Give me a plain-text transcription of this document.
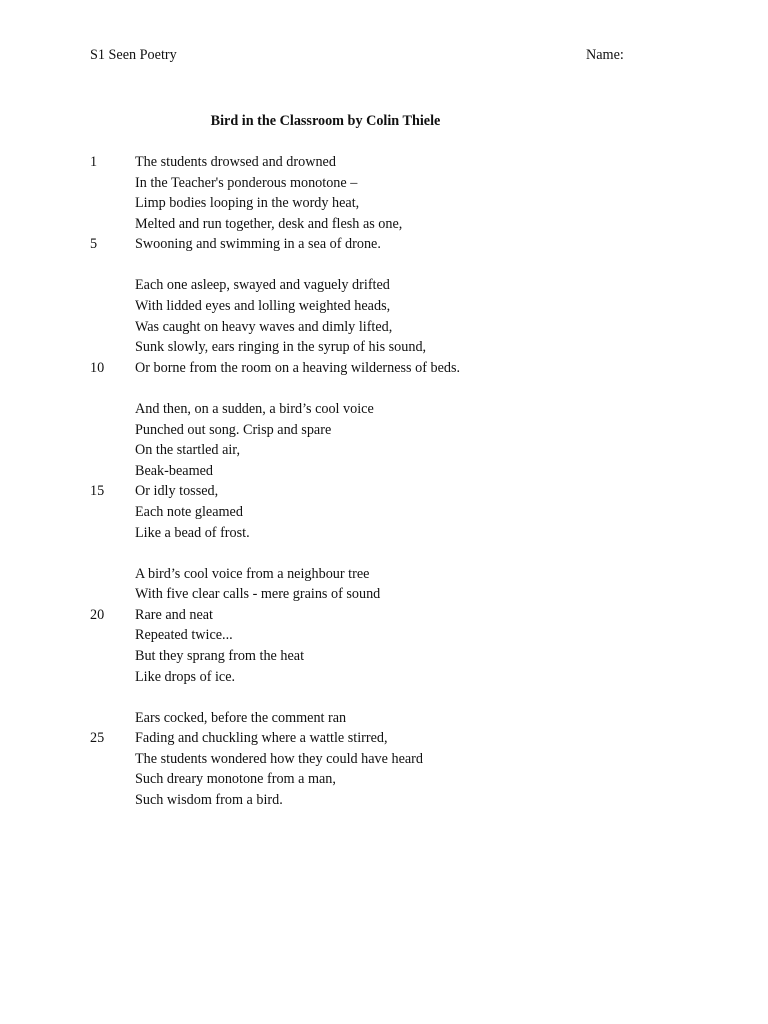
S1 Seen Poetry	Name:
Bird in the Classroom by Colin Thiele
1	The students drowsed and drowned
In the Teacher's ponderous monotone –
Limp bodies looping in the wordy heat,
Melted and run together, desk and flesh as one,
5	Swooning and swimming in a sea of drone.
Each one asleep, swayed and vaguely drifted
With lidded eyes and lolling weighted heads,
Was caught on heavy waves and dimly lifted,
Sunk slowly, ears ringing in the syrup of his sound,
10	Or borne from the room on a heaving wilderness of beds.
And then, on a sudden, a bird’s cool voice
Punched out song. Crisp and spare
On the startled air,
Beak-beamed
15	Or idly tossed,
Each note gleamed
Like a bead of frost.
A bird’s cool voice from a neighbour tree
With five clear calls - mere grains of sound
20	Rare and neat
Repeated twice...
But they sprang from the heat
Like drops of ice.
Ears cocked, before the comment ran
25	Fading and chuckling where a wattle stirred,
The students wondered how they could have heard
Such dreary monotone from a man,
Such wisdom from a bird.
